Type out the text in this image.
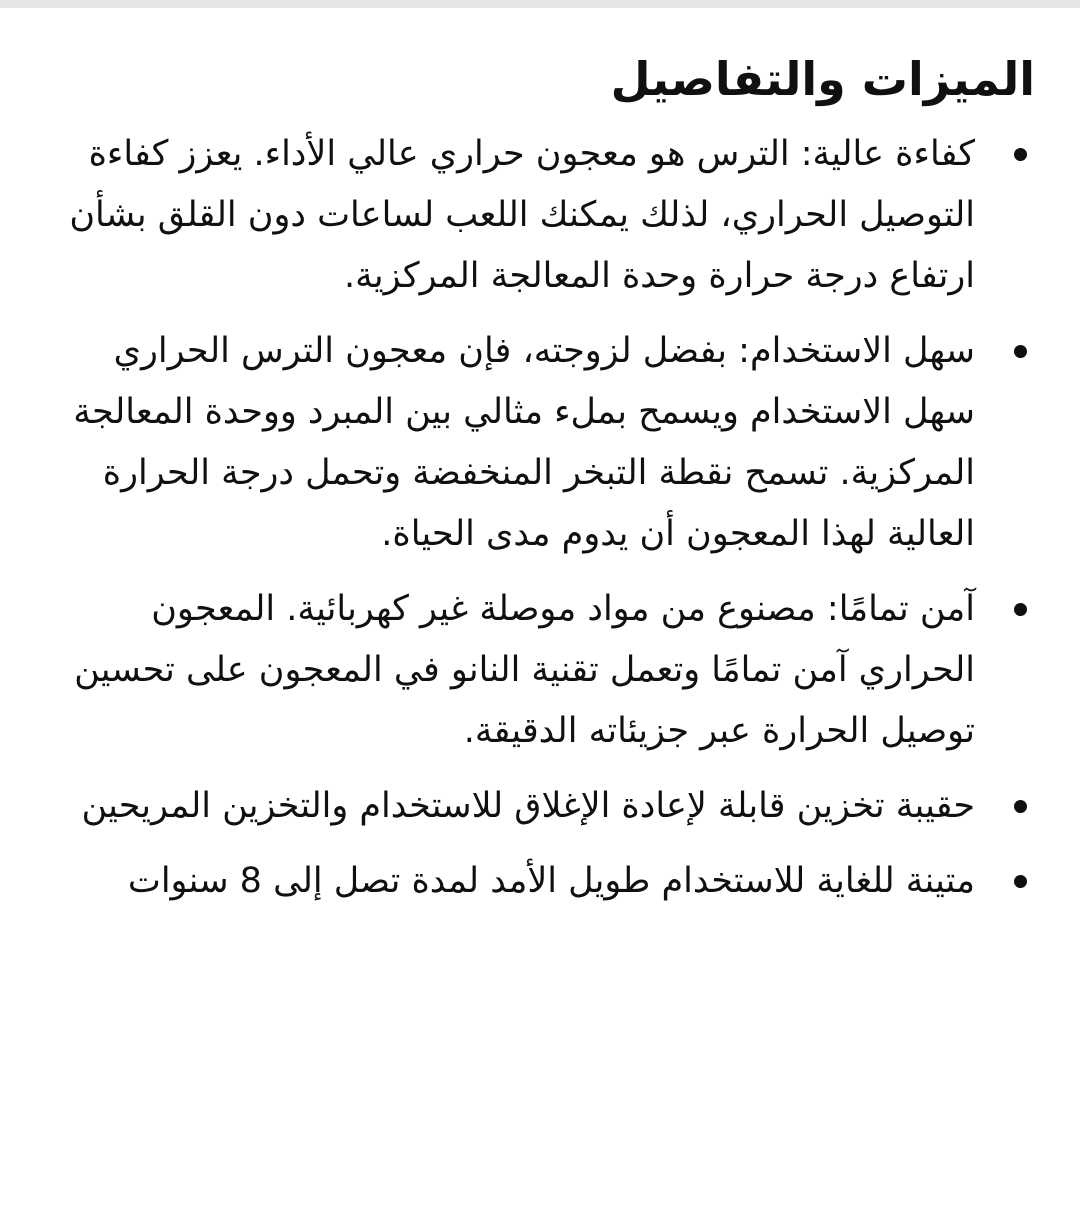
الميزات والتفاصيل
كفاءة عالية: الترس هو معجون حراري عالي الأداء. يعزز كفاءة التوصيل الحراري، لذلك يمكنك اللعب لساعات دون القلق بشأن ارتفاع درجة حرارة وحدة المعالجة المركزية.
سهل الاستخدام: بفضل لزوجته، فإن معجون الترس الحراري سهل الاستخدام ويسمح بملء مثالي بين المبرد ووحدة المعالجة المركزية. تسمح نقطة التبخر المنخفضة وتحمل درجة الحرارة العالية لهذا المعجون أن يدوم مدى الحياة.
آمن تمامًا: مصنوع من مواد موصلة غير كهربائية. المعجون الحراري آمن تمامًا وتعمل تقنية النانو في المعجون على تحسين توصيل الحرارة عبر جزيئاته الدقيقة.
حقيبة تخزين قابلة لإعادة الإغلاق للاستخدام والتخزين المريحين
متينة للغاية للاستخدام طويل الأمد لمدة تصل إلى 8 سنوات
